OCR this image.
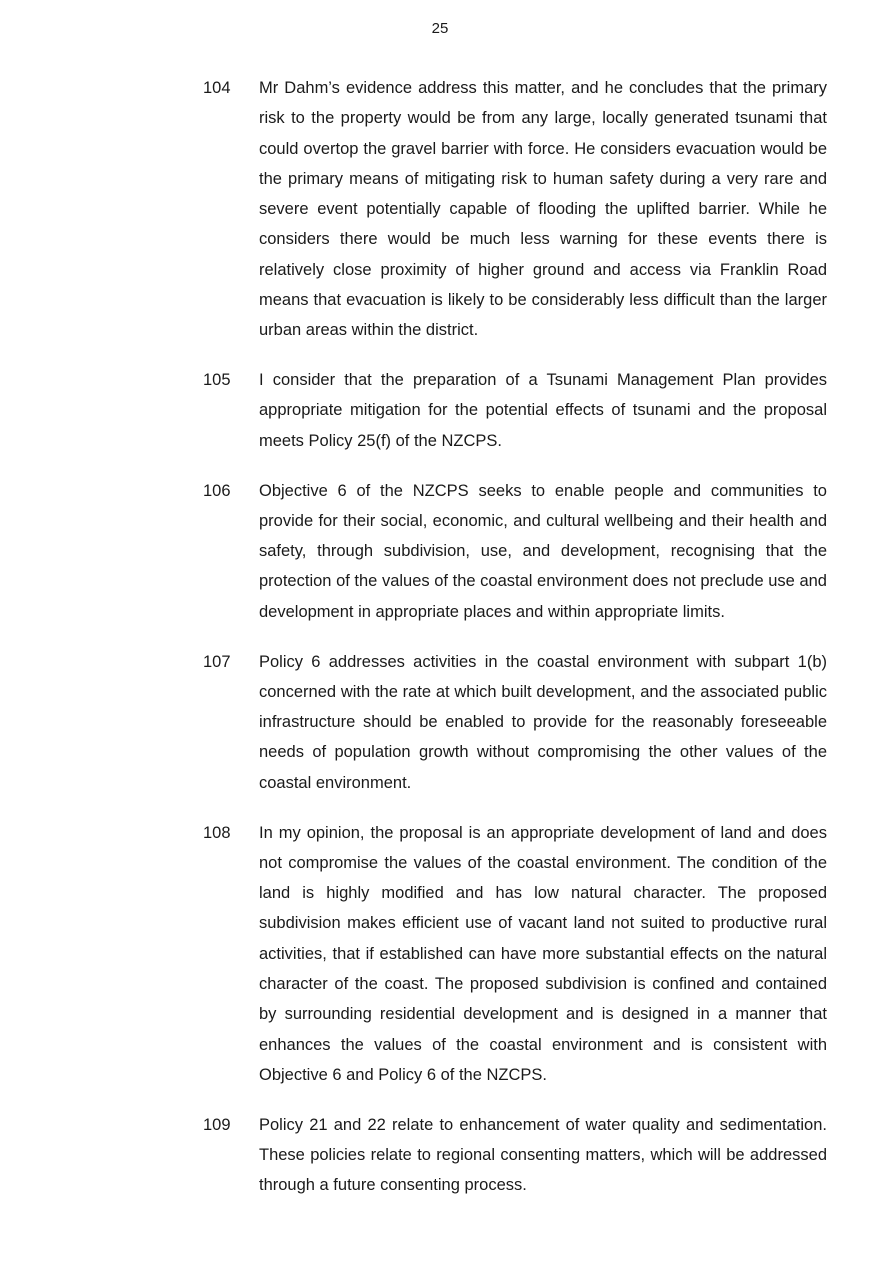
25
104	Mr Dahm’s evidence address this matter, and he concludes that the primary risk to the property would be from any large, locally generated tsunami that could overtop the gravel barrier with force. He considers evacuation would be the primary means of mitigating risk to human safety during a very rare and severe event potentially capable of flooding the uplifted barrier. While he considers there would be much less warning for these events there is relatively close proximity of higher ground and access via Franklin Road means that evacuation is likely to be considerably less difficult than the larger urban areas within the district.
105	I consider that the preparation of a Tsunami Management Plan provides appropriate mitigation for the potential effects of tsunami and the proposal meets Policy 25(f) of the NZCPS.
106	Objective 6 of the NZCPS seeks to enable people and communities to provide for their social, economic, and cultural wellbeing and their health and safety, through subdivision, use, and development, recognising that the protection of the values of the coastal environment does not preclude use and development in appropriate places and within appropriate limits.
107	Policy 6 addresses activities in the coastal environment with subpart 1(b) concerned with the rate at which built development, and the associated public infrastructure should be enabled to provide for the reasonably foreseeable needs of population growth without compromising the other values of the coastal environment.
108	In my opinion, the proposal is an appropriate development of land and does not compromise the values of the coastal environment. The condition of the land is highly modified and has low natural character. The proposed subdivision makes efficient use of vacant land not suited to productive rural activities, that if established can have more substantial effects on the natural character of the coast. The proposed subdivision is confined and contained by surrounding residential development and is designed in a manner that enhances the values of the coastal environment and is consistent with Objective 6 and Policy 6 of the NZCPS.
109	Policy 21 and 22 relate to enhancement of water quality and sedimentation. These policies relate to regional consenting matters, which will be addressed through a future consenting process.
